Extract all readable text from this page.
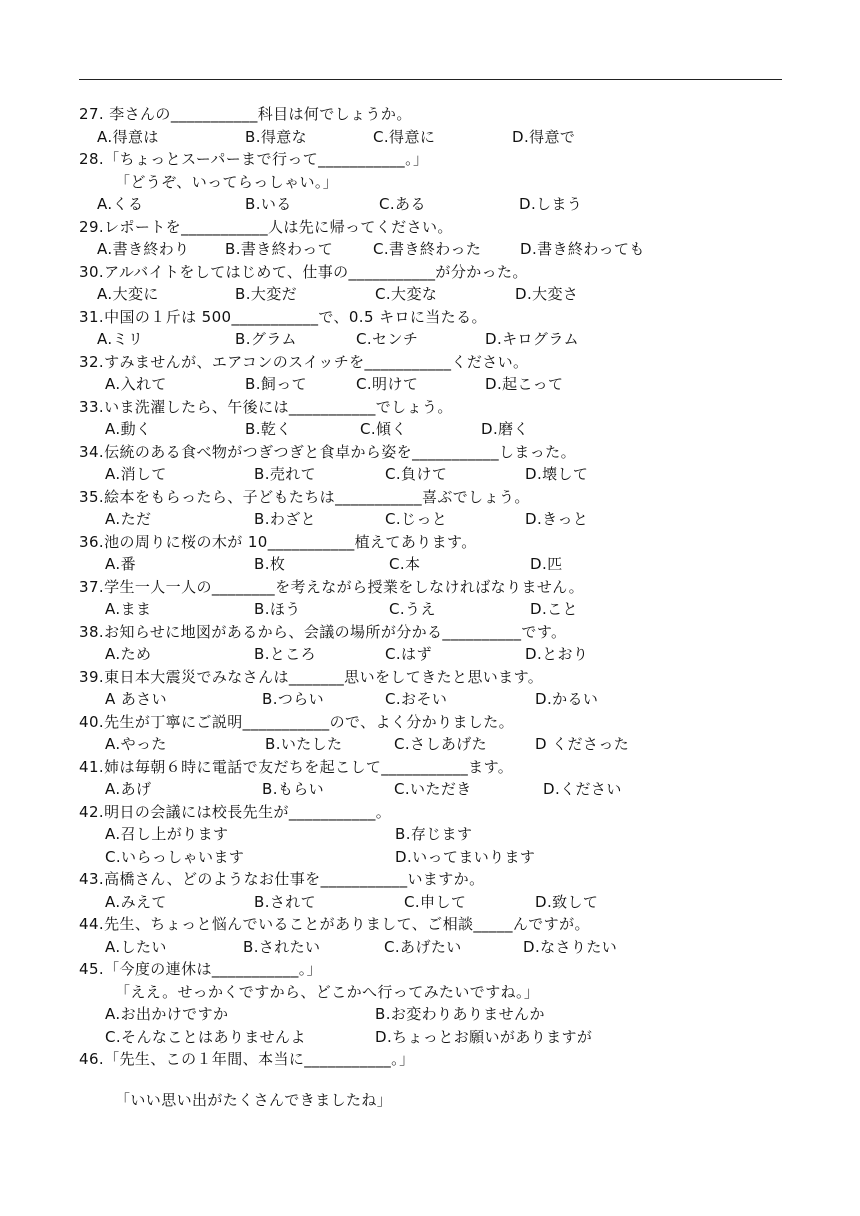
27. 李さんの___________科目は何でしょうか。
A.得意は	B.得意な	C.得意に	D.得意で
28.「ちょっとスーパーまで行って___________。」
「どうぞ、いってらっしゃい。」
A.くる	B.いる	C.ある	D.しまう
29.レポートを___________人は先に帰ってください。
A.書き終わり B.書き終わって	C.書き終わった	D.書き終わっても
30.アルバイトをしてはじめて、仕事の___________が分かった。
A.大変に	B.大変だ	C.大変な	D.大変さ
31.中国の１斤は 500___________で、0.5 キロに当たる。
A.ミリ	B.グラム	C.センチ	D.キログラム
32.すみませんが、エアコンのスイッチを___________ください。
A.入れて	B.飼って	C.明けて	D.起こって
33.いま洗濯したら、午後には___________でしょう。
A.動く	B.乾く	C.傾く	D.磨く
34.伝統のある食べ物がつぎつぎと食卓から姿を___________しまった。
A.消して	B.売れて	C.負けて	D.壊して
35.絵本をもらったら、子どもたちは___________喜ぶでしょう。
A.ただ	B.わざと	C.じっと	D.きっと
36.池の周りに桜の木が 10___________植えてあります。
A.番	B.枚	C.本	D.匹
37.学生一人一人の________を考えながら授業をしなければなりません。
A.まま	B.ほう	C.うえ	D.こと
38.お知らせに地図があるから、会議の場所が分かる__________です。
A.ため	B.ところ	C.はず	D.とおり
39.東日本大震災でみなさんは_______思いをしてきたと思います。
A あさい	B.つらい	C.おそい	D.かるい
40.先生が丁寧にご説明___________ので、よく分かりました。
A.やった	B.いたした	C.さしあげた	D くださった
41.姉は毎朝６時に電話で友だちを起こして___________ます。
A.あげ	B.もらい	C.いただき	D.ください
42.明日の会議には校長先生が___________。
A.召し上がります	B.存じます
C.いらっしゃいます	D.いってまいります
43.高橋さん、どのようなお仕事を___________いますか。
A.みえて	B.されて	C.申して	D.致して
44.先生、ちょっと悩んでいることがありまして、ご相談_____んですが。
A.したい	B.されたい	C.あげたい	D.なさりたい
45.「今度の連休は___________。」
「ええ。せっかくですから、どこかへ行ってみたいですね。」
A.お出かけですか	B.お変わりありませんか
C.そんなことはありませんよ	D.ちょっとお願いがありますが
46.「先生、この１年間、本当に___________。」
「いい思い出がたくさんできましたね」
